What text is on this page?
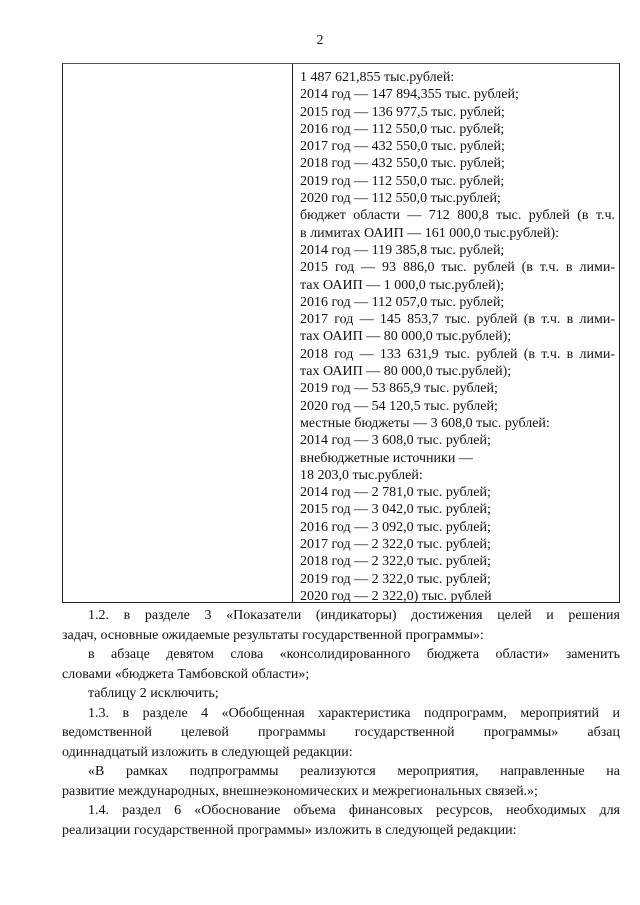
2
1 487 621,855 тыс.рублей:
2014 год — 147 894,355 тыс. рублей;
2015 год — 136 977,5 тыс. рублей;
2016 год — 112 550,0 тыс. рублей;
2017 год — 432 550,0 тыс. рублей;
2018 год — 432 550,0 тыс. рублей;
2019 год — 112 550,0 тыс. рублей;
2020 год — 112 550,0 тыс.рублей;
бюджет области — 712 800,8 тыс. рублей (в т.ч.
в лимитах ОАИП — 161 000,0 тыс.рублей):
2014 год — 119 385,8 тыс. рублей;
2015 год — 93 886,0 тыс. рублей (в т.ч. в лими-
тах ОАИП — 1 000,0 тыс.рублей);
2016 год — 112 057,0 тыс. рублей;
2017 год — 145 853,7 тыс. рублей (в т.ч. в лими-
тах ОАИП — 80 000,0 тыс.рублей);
2018 год — 133 631,9 тыс. рублей (в т.ч. в лими-
тах ОАИП — 80 000,0 тыс.рублей);
2019 год — 53 865,9 тыс. рублей;
2020 год — 54 120,5 тыс. рублей;
местные бюджеты — 3 608,0 тыс. рублей:
2014 год — 3 608,0 тыс. рублей;
внебюджетные источники —
18 203,0 тыс.рублей:
2014 год — 2 781,0 тыс. рублей;
2015 год — 3 042,0 тыс. рублей;
2016 год — 3 092,0 тыс. рублей;
2017 год — 2 322,0 тыс. рублей;
2018 год — 2 322,0 тыс. рублей;
2019 год — 2 322,0 тыс. рублей;
2020 год — 2 322,0) тыс. рублей
1.2. в разделе 3 «Показатели (индикаторы) достижения целей и решения
задач, основные ожидаемые результаты государственной программы»:
в абзаце девятом слова «консолидированного бюджета области» заменить
словами «бюджета Тамбовской области»;
таблицу 2 исключить;
1.3. в разделе 4 «Обобщенная характеристика подпрограмм, мероприятий и
ведомственной целевой программы государственной программы» абзац
одиннадцатый изложить в следующей редакции:
«В рамках подпрограммы реализуются мероприятия, направленные на
развитие международных, внешнеэкономических и межрегиональных связей.»;
1.4. раздел 6 «Обоснование объема финансовых ресурсов, необходимых для
реализации государственной программы» изложить в следующей редакции:
